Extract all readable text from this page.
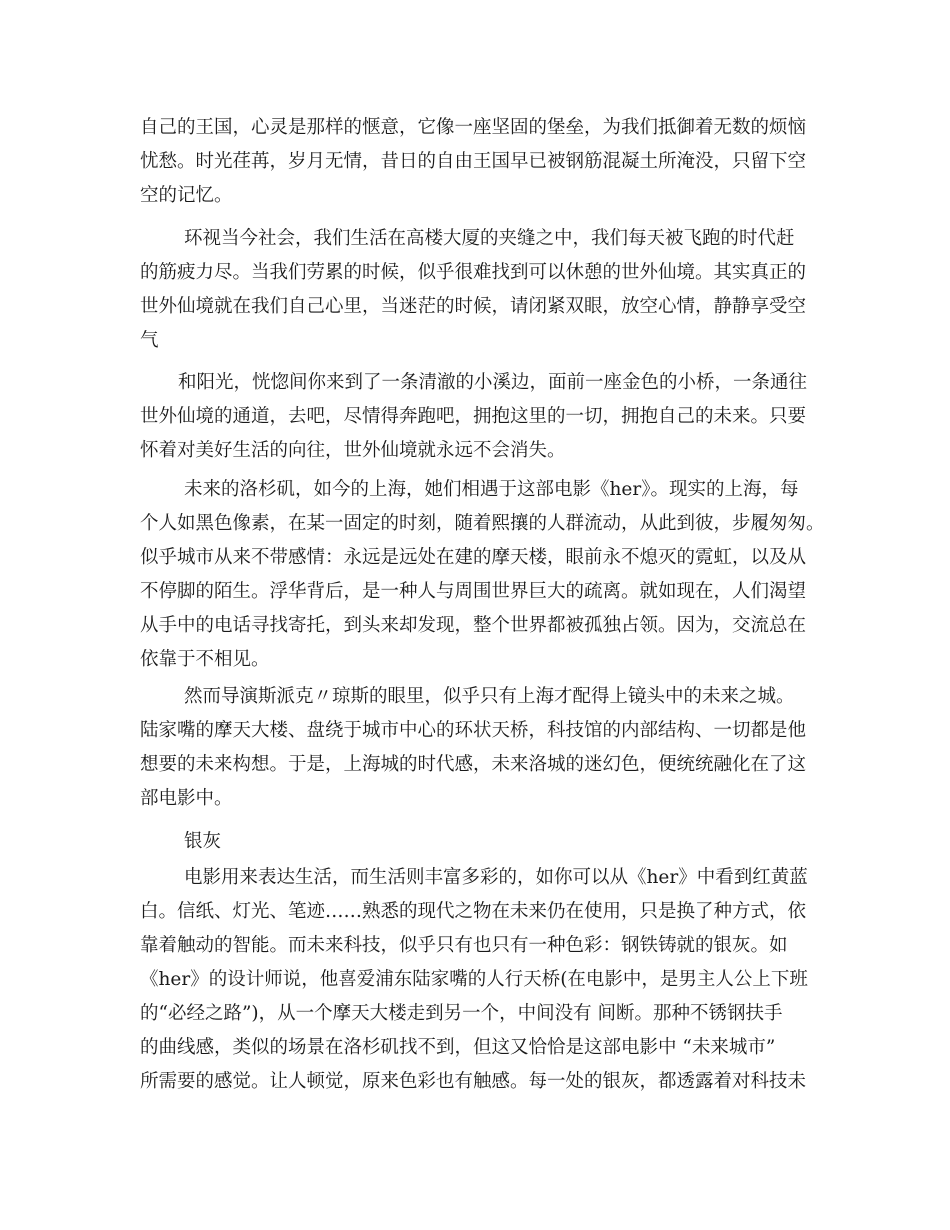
自己的王国，心灵是那样的惬意，它像一座坚固的堡垒，为我们抵御着无数的烦恼
忧愁。时光荏苒，岁月无情，昔日的自由王国早已被钢筋混凝土所淹没，只留下空
空的记忆。
环视当今社会，我们生活在高楼大厦的夹缝之中，我们每天被飞跑的时代赶
的筋疲力尽。当我们劳累的时候，似乎很难找到可以休憩的世外仙境。其实真正的
世外仙境就在我们自己心里，当迷茫的时候，请闭紧双眼，放空心情，静静享受空
气
和阳光，恍惚间你来到了一条清澈的小溪边，面前一座金色的小桥，一条通往
世外仙境的通道，去吧，尽情得奔跑吧，拥抱这里的一切，拥抱自己的未来。只要
怀着对美好生活的向往，世外仙境就永远不会消失。
未来的洛杉矶，如今的上海，她们相遇于这部电影《her》。现实的上海，每
个人如黑色像素，在某一固定的时刻，随着熙攘的人群流动，从此到彼，步履匆匆。
似乎城市从来不带感情：永远是远处在建的摩天楼，眼前永不熄灭的霓虹，以及从
不停脚的陌生。浮华背后，是一种人与周围世界巨大的疏离。就如现在，人们渴望
从手中的电话寻找寄托，到头来却发现，整个世界都被孤独占领。因为，交流总在
依靠于不相见。
然而导演斯派克〃琼斯的眼里，似乎只有上海才配得上镜头中的未来之城。
陆家嘴的摩天大楼、盘绕于城市中心的环状天桥，科技馆的内部结构、一切都是他
想要的未来构想。于是，上海城的时代感，未来洛城的迷幻色，便统统融化在了这
部电影中。
银灰
电影用来表达生活，而生活则丰富多彩的，如你可以从《her》中看到红黄蓝
白。信纸、灯光、笔迹……熟悉的现代之物在未来仍在使用，只是换了种方式，依
靠着触动的智能。而未来科技，似乎只有也只有一种色彩：钢铁铸就的银灰。如
《her》的设计师说，他喜爱浦东陆家嘴的人行天桥(在电影中，是男主人公上下班
的“必经之路”)，从一个摩天大楼走到另一个，中间没有 间断。那种不锈钢扶手
的曲线感，类似的场景在洛杉矶找不到，但这又恰恰是这部电影中 “未来城市”
所需要的感觉。让人顿觉，原来色彩也有触感。每一处的银灰，都透露着对科技未
